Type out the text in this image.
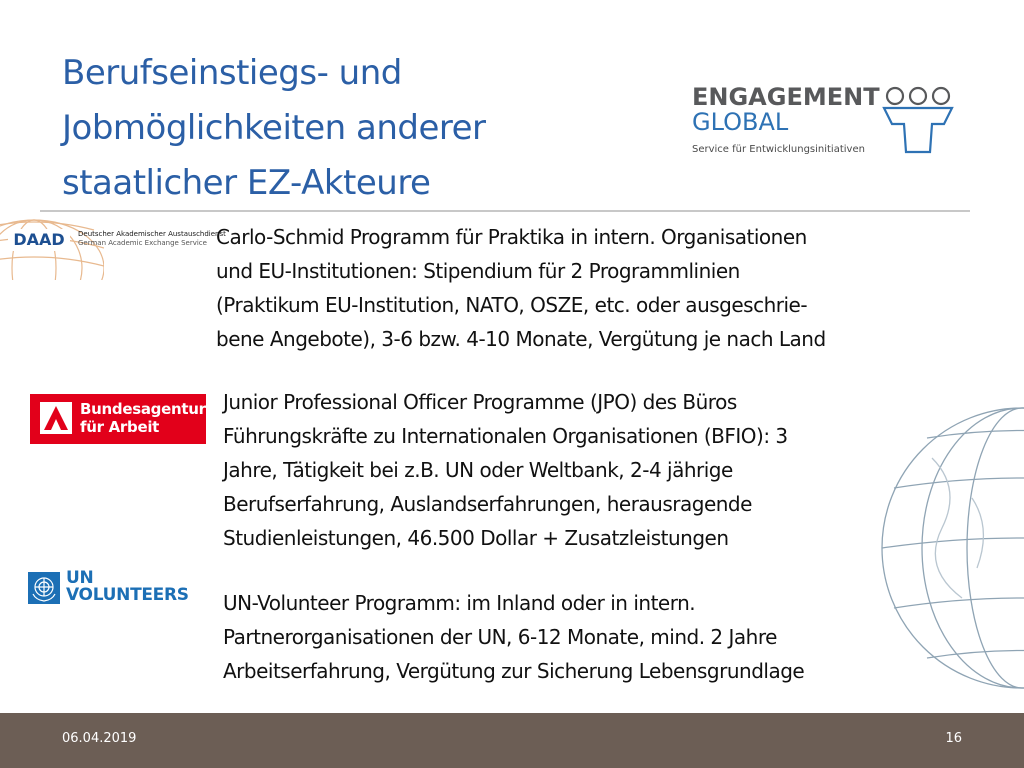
Berufseinstiegs- und
Jobmöglichkeiten anderer
staatlicher EZ-Akteure
ENGAGEMENT
GLOBAL
Service für Entwicklungsinitiativen
DAAD	Deutscher Akademischer Austauschdienst
German Academic Exchange Service Carlo-Schmid Programm für Praktika in intern. Organisationen
und EU-Institutionen: Stipendium für 2 Programmlinien
(Praktikum EU-Institution, NATO, OSZE, etc. oder ausgeschrie-
bene Angebote), 3-6 bzw. 4-10 Monate, Vergütung je nach Land

Bundesagentur
für Arbeit

Junior Professional Officer Programme (JPO) des Büros
Führungskräfte zu Internationalen Organisationen (BFIO): 3
Jahre, Tätigkeit bei z.B. UN oder Weltbank, 2-4 jährige
Berufserfahrung, Auslandserfahrungen, herausragende
Studienleistungen, 46.500 Dollar + Zusatzleistungen

UN
VOLUNTEERS UN-Volunteer Programm: im Inland oder in intern.
Partnerorganisationen der UN, 6-12 Monate, mind. 2 Jahre
Arbeitserfahrung, Vergütung zur Sicherung Lebensgrundlage

06.04.2019	16
